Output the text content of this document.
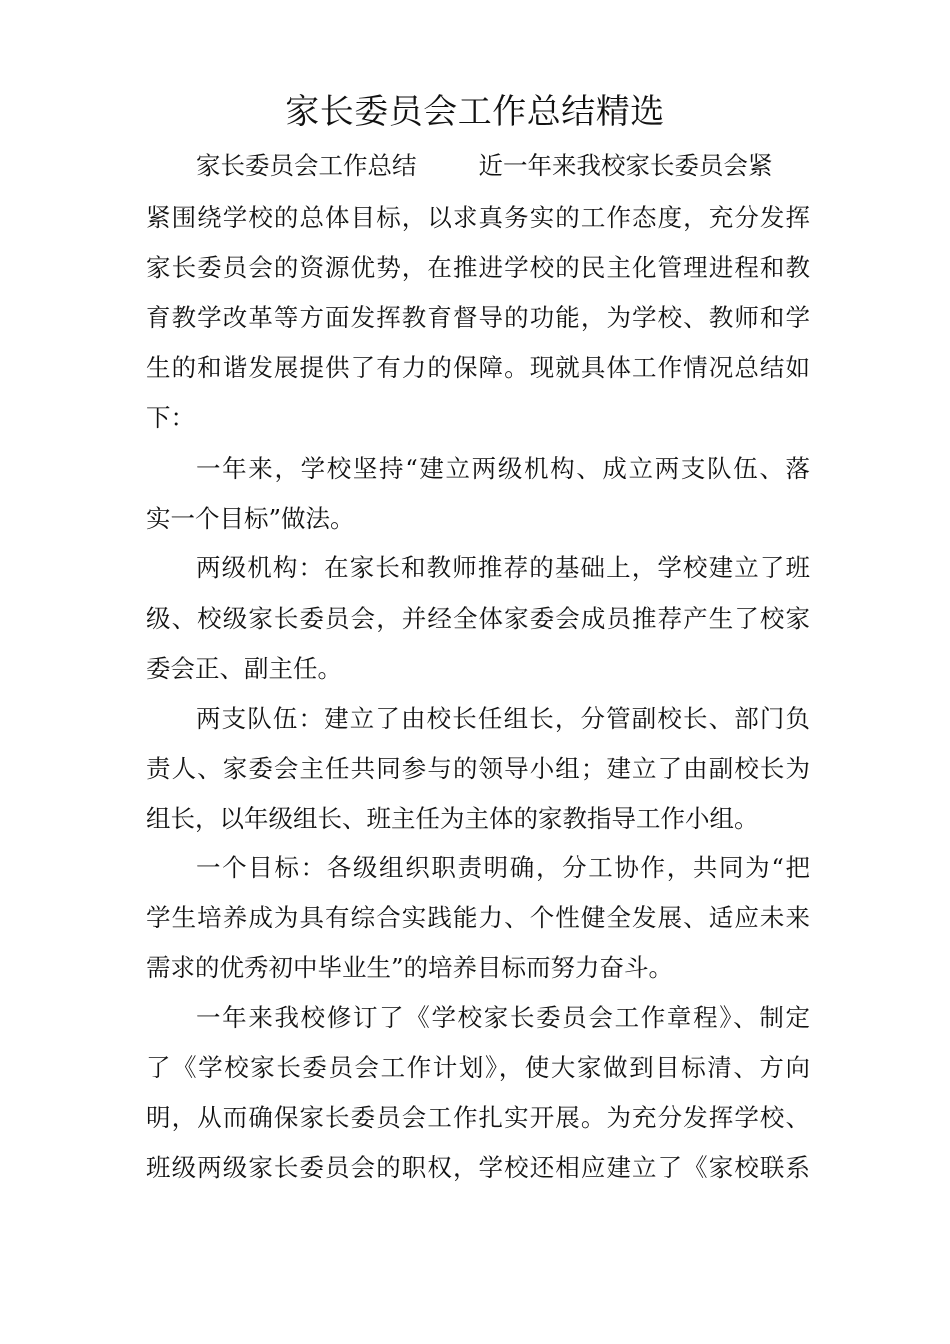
家长委员会工作总结精选
家长委员会工作总结	近一年来我校家长委员会紧
紧围绕学校的总体目标，以求真务实的工作态度，充分发挥
家长委员会的资源优势，在推进学校的民主化管理进程和教
育教学改革等方面发挥教育督导的功能，为学校、教师和学
生的和谐发展提供了有力的保障。现就具体工作情况总结如
下：
一年来，学校坚持“建立两级机构、成立两支队伍、落
实一个目标”做法。
两级机构：在家长和教师推荐的基础上，学校建立了班
级、校级家长委员会，并经全体家委会成员推荐产生了校家
委会正、副主任。
两支队伍：建立了由校长任组长，分管副校长、部门负
责人、家委会主任共同参与的领导小组；建立了由副校长为
组长，以年级组长、班主任为主体的家教指导工作小组。
一个目标：各级组织职责明确，分工协作，共同为“把
学生培养成为具有综合实践能力、个性健全发展、适应未来
需求的优秀初中毕业生”的培养目标而努力奋斗。
一年来我校修订了《学校家长委员会工作章程》、制定
了《学校家长委员会工作计划》，使大家做到目标清、方向
明，从而确保家长委员会工作扎实开展。为充分发挥学校、
班级两级家长委员会的职权，学校还相应建立了《家校联系
